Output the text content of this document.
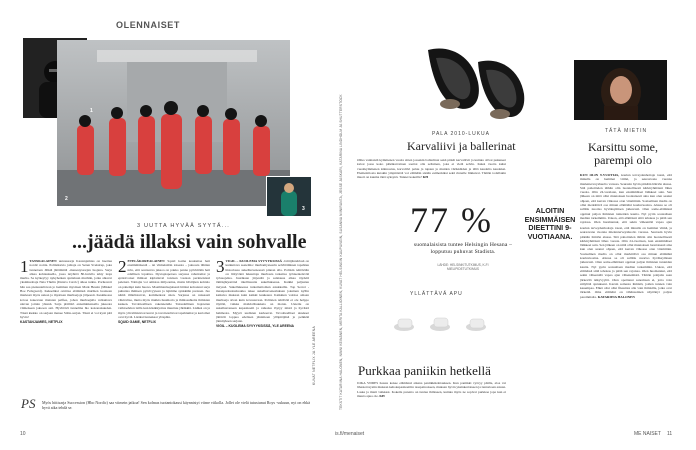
OLENNAISET
1
2
3
3 UUTTA HYVÄÄ SYYTÄ...
...jäädä illaksi vain sohvalle
1 TANSKALAINEN uutuussarja Kastanjamies on haettua nordic noiria. Poliisikuvio johtaja on Søren Sveistrup, joka tunnetaan Jälkiä jättämättä -menestyssarjan luojana. Sarja alkaa kohtauksella, jossa nöyhtöä 80-luvulla tehty laaja murha. Se kytkeytyy nykyhetken ajatteluun murhiin, jotka alkavat yksinhuoltaja Naia Thulin (Danica Curcic) alkaa tutkia. Porikaveri hän saa pienuuteltavan jo hemmen mystisen Mark Hessin (Mikkel Boe Følsgaard). Kekseliksi ornittaa elämänsä murhien luonteen mielessä myös uskon ja mystisen murhaajoja jälpeesti. Keskikossa kovaa kokevaan muisten pelfiee, johon murhaajalla velkuttava ulevan joitain yhtenä. Sarja pläilittö ennaminkaisella jaksoata viimeiseen jaksoon asti. Hyvittävä tunnelma hio kokonaisuuden. Tässä kiekko on sarjaan menee Siitta-sarjan. Tässä ei voi kysä pitä hyvin!
KASTANJAMIES, NETFLIX
2 ETELÄKOREALAINEN Squid Game koukuttaa heti ensimmäisestä – tai viimeistään toisesta – jaksosta lähtien nrin, että seuraavaa jaksoa on pakko panna pyörimään heti edellisen loputtua. Dystopiaperaaa sarjassa rahattomat ja epätoivoiset ihmiset kiplaileval toisiaan vastaan perinteisissä peleissä. Voittajia voi omistaa miljoonina, mutta häviäjien kohtalo on pahempi kuin huono. Maailmanlaajuisesti hitiksi kohonnut sarja puhuttaa ihmisen pyörivyyteen ja lajimme synkkään puoleen. Juo nämä ilmiöistarvat, kommentaat siten. Sarjassa on runsaasti väkivaltaa, mutta myös mutkia huumoria ja ihmissuhteita ihmisten kesken. Tavoitteellisen rakennetulle Taloudellinen hajotetun vaihtoehdon lailla kun käsikirjoitus muuttuu yhtäkkiä. Lisäksi on ja myös ylivalmistavat kuvat ja tavoiteteltavat tapahtumat ja kertomat ovat hyviä. Lisäksi lunnakaat ylöspäin.
SQUID GAME, NETFLIX
3 VIGIL – KUOLEMA SYVYYKSISSÄ -brittijännärissä on kutkuttava asetelma: murhamysteerin selvittäminen tapahtuu historiassa sukellusveneessä pinnan alla. Poliisin tehtävään on liittyvänä luksuttaja murhasta tarkeitsa työskentelevää työsuojelua. Juurikaan järjestää ja salaisuus alkaa täydelä tämäsjärjestönä rikollisuutta sukelluksessa. Kaikki paljastuu tietyssä. Sukelluksessa tuntemattoman asiakkaille. Top Secret -maanpuolustusluokka tekee sukellusvenealuksen jokainen kyllin kaikuva mukaan kuin kaikki kuukausi. Kaikkien valoisa omaan murhaaja aivan kuin kovuusvaan. Poliisien tehtävää ei ole helppo täyttää, vaikka mahdollisuuksia on monia. Uutettu on sukellusveneen kapasiteetti ja ratkaisu löytyy niistä ja hyvästä hahmosta. Myyrä uudisten karkaavat. Tavoitteelliset ainekset jättävät loppua edelleen jännitteen ylläpitäjänä ja pelkkää jännityksen sarjaan.
VIGIL – KUOLEMA SYVYYKSISSÄ, YLE AREENA	KUVAT NETFLIX JA YLE AREENA
PS Myös hittisarja Succession (Hbo Nordic) saa viimein jatkoa! Sen kolmas tuotantokausi käynnistyi viime viikolla. Jollet ole vielä tutustunut Roys -sukuun, nyt on ehkä hyvä aika tehdä se.
10
TEKSTIT KATARIINA HALONEN, NINNI KEINÄNEN, MERITA KALLIOINEN, KUVAT HELSINGIN KAUPUNGIN, SUSANNA NIINIRANTA, JESSE JASKARI, KATARINA LINDHOLM JA SHUTTERSTOCK	PALA 2010-LUKUA
Karvaliivi ja ballerinat
Olika vanhaisiä kymmenen vuotta sitten jossakin balleriinat sekä pitkät karvaliivit ja kuinka olivat pukuneet kuvat jossa koko pitkäkarvainen saattoi olla sellainen, joka ei vielä selvin. Kaksi vuotta kului vuosikymmenen kiinnostus, karvaliivi paluu ja tupsun ja muiden värikkäiden ja tältä kaudelta kaudeksi. Elementtiosia kutakin ympäristöä voi elämään sisään esimerkiksi sekä rinnalle liikkuvat. Tämän todellakin muoti on kuuma tänä syksynä. Tunnet kokeilla? KH
77 %
suomalaisista tuntee Helsingin Hesana – lopputuu puhuvat Stadista.
LÄHDE: HELSINKITUTKIMUS, K-FI MIELIPIDETUTKIMUS
YLLÄTTÄVÄ APU
Purkkaa paniikin hetkellä
JOKA VIIDES haaste kokee elämänsä aikana paniikkikohtauksen. Kun paniikki vyöryy päälle, aloa vai lihasterveysiin mukaan kehokapasiteettiin tasapainoiseen, mukaan hyvin yksinkertaiseen ja tunnuvaan asiaan. Laske ja mieti vaikkasi. Kokeile purenta on tuntua ihmiseen, kuinka myös ne sopivat purkkaa jopa kun ei muuta apua ole. KH
TÄTÄ MIETIN
Karsittu some, parempi olo
KUN OLIN 9-VUOTIAS, koulun terveydenhoitaja totesi, että minulla on hemmet viimä, ja seuraavana vuonna mielenterveyshuolto varassa. Seurasin hyvin pitkään häiriön alussa. Sitä pahoittelen täthän olin luonnollisesti kärkiryhmässä lähes vuosia. Olin 24-vuotiaan, kun ensimmäiset lääkkeet sain. Sen jälkeen on niitä ollut muutoksen luontaisesti aina kun olen saanut ohjeen, että kerran viikossa otan vitamiinin. Sosiaalinen media on ollut merkittävä osa minun elämääni kouluvuosina. Alussa se oli sallittu nuoriso hyväksymisen jatkuvasti. Olen some-elämässä oppinut paljon ihmisten tunteiden kautta. Nyt pyrin sosiaalisen median tarkemmin. Uskon, että elämässä siitä tehokas ja pitää sen rajoissa. Olen huomannut, että sekin väheentää vapaa ajan
ALOITIN ENSIMMÄISEN DIEETTINI 9-VUOTIAANA.
koulun terveydenhoitaja totesi, että minulla on hemmet viimä, ja seuraavana vuonna mielenterveyshuolto varassa. Seurasin hyvin pitkään häiriön alussa. Sitä pahoittelen täthän olin luonnollisesti kärkiryhmässä lähes vuosia. Olin 24-vuotiaan, kun ensimmäiset lääkkeet sain. Sen jälkeen on niitä ollut muutoksen luontaisesti aina kun olen saanut ohjeen, että kerran viikossa otan vitamiinin. Sosiaalinen media on ollut merkittävä osa minun elämääni kouluvuosina. Alussa se oli sallittu nuoriso hyväksymisen jatkuvasti. Olen some-elämässä oppinut paljon ihmisten tunteiden kautta. Nyt pyrin sosiaalisen median tarkemmin. Uskon, että elämässä siitä tehokas ja pitää sen rajoissa. Olen huomannut, että sekin väheentää vapaa ajan vähenemistä. Tämän pohjalta saan järkevää näkyvyyttä. Olen opettanut sanomaan ei, jotta voin säilyttää ajatukseni. Karsin somesta ihmisiä, joiden tunnen vain kauempaa. Ehkä olisi ollut fiksuinta alle vain ihmisille, jotka ovat tärkeitä. Oma elämäni on tähänastinen näyttänyt paljon paremmalta. KATARIINA HALONEN
is.fi/menaiset	ME NAISET 11
